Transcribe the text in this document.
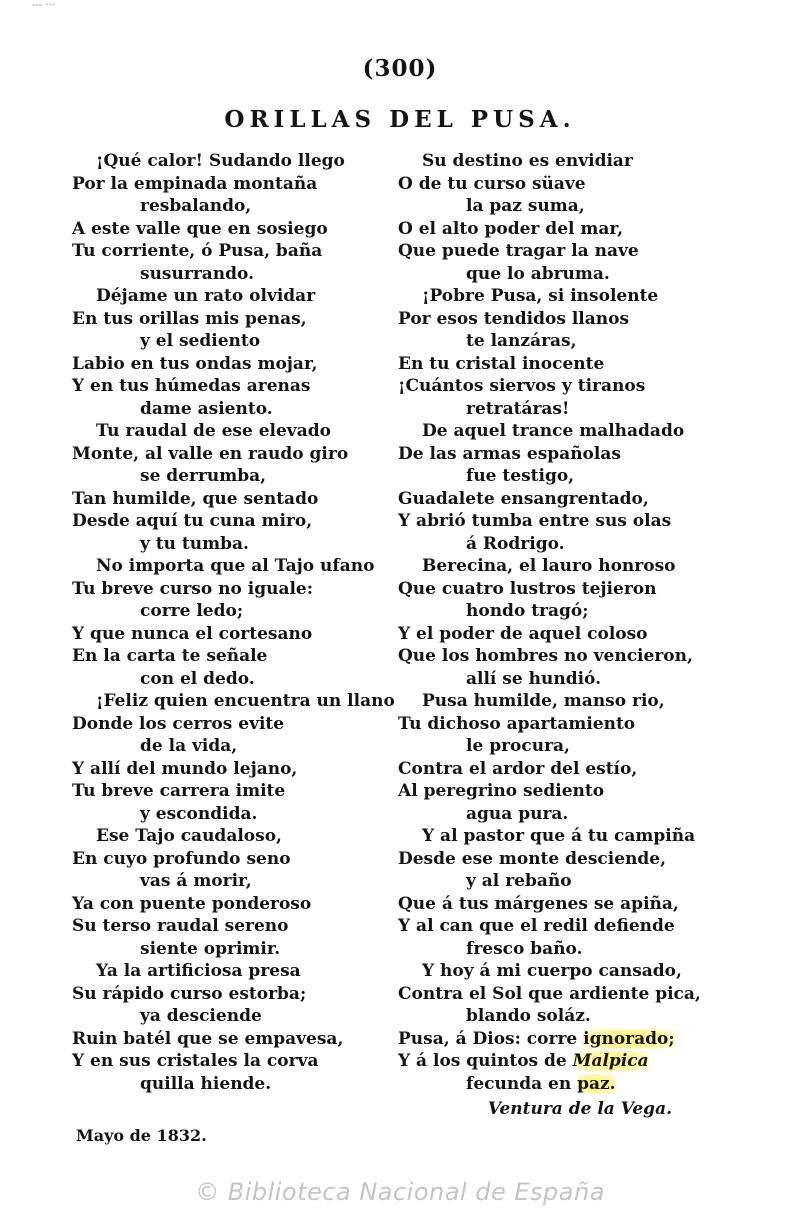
--- ···
(300)
ORILLAS DEL PUSA.
¡Qué calor! Sudando llego
Por la empinada montaña
resbalando,
A este valle que en sosiego
Tu corriente, ó Pusa, baña
susurrando.
Déjame un rato olvidar
En tus orillas mis penas,
y el sediento
Labio en tus ondas mojar,
Y en tus húmedas arenas
dame asiento.
Tu raudal de ese elevado
Monte, al valle en raudo giro
se derrumba,
Tan humilde, que sentado
Desde aquí tu cuna miro,
y tu tumba.
No importa que al Tajo ufano
Tu breve curso no iguale:
corre ledo;
Y que nunca el cortesano
En la carta te señale
con el dedo.
¡Feliz quien encuentra un llano
Donde los cerros evite
de la vida,
Y allí del mundo lejano,
Tu breve carrera imite
y escondida.
Ese Tajo caudaloso,
En cuyo profundo seno
vas á morir,
Ya con puente ponderoso
Su terso raudal sereno
siente oprimir.
Ya la artificiosa presa
Su rápido curso estorba;
ya desciende
Ruin batél que se empavesa,
Y en sus cristales la corva
quilla hiende.
Su destino es envidiar
O de tu curso süave
la paz suma,
O el alto poder del mar,
Que puede tragar la nave
que lo abruma.
¡Pobre Pusa, si insolente
Por esos tendidos llanos
te lanzáras,
En tu cristal inocente
¡Cuántos siervos y tiranos
retratáras!
De aquel trance malhadado
De las armas españolas
fue testigo,
Guadalete ensangrentado,
Y abrió tumba entre sus olas
á Rodrigo.
Berecina, el lauro honroso
Que cuatro lustros tejieron
hondo tragó;
Y el poder de aquel coloso
Que los hombres no vencieron,
allí se hundió.
Pusa humilde, manso rio,
Tu dichoso apartamiento
le procura,
Contra el ardor del estío,
Al peregrino sediento
agua pura.
Y al pastor que á tu campiña
Desde ese monte desciende,
y al rebaño
Que á tus márgenes se apiña,
Y al can que el redil defiende
fresco baño.
Y hoy á mi cuerpo cansado,
Contra el Sol que ardiente pica,
blando soláz.
Pusa, á Dios: corre ignorado;
Y á los quintos de Malpica
fecunda en paz.
Ventura de la Vega.
Mayo de 1832.
© Biblioteca Nacional de España
